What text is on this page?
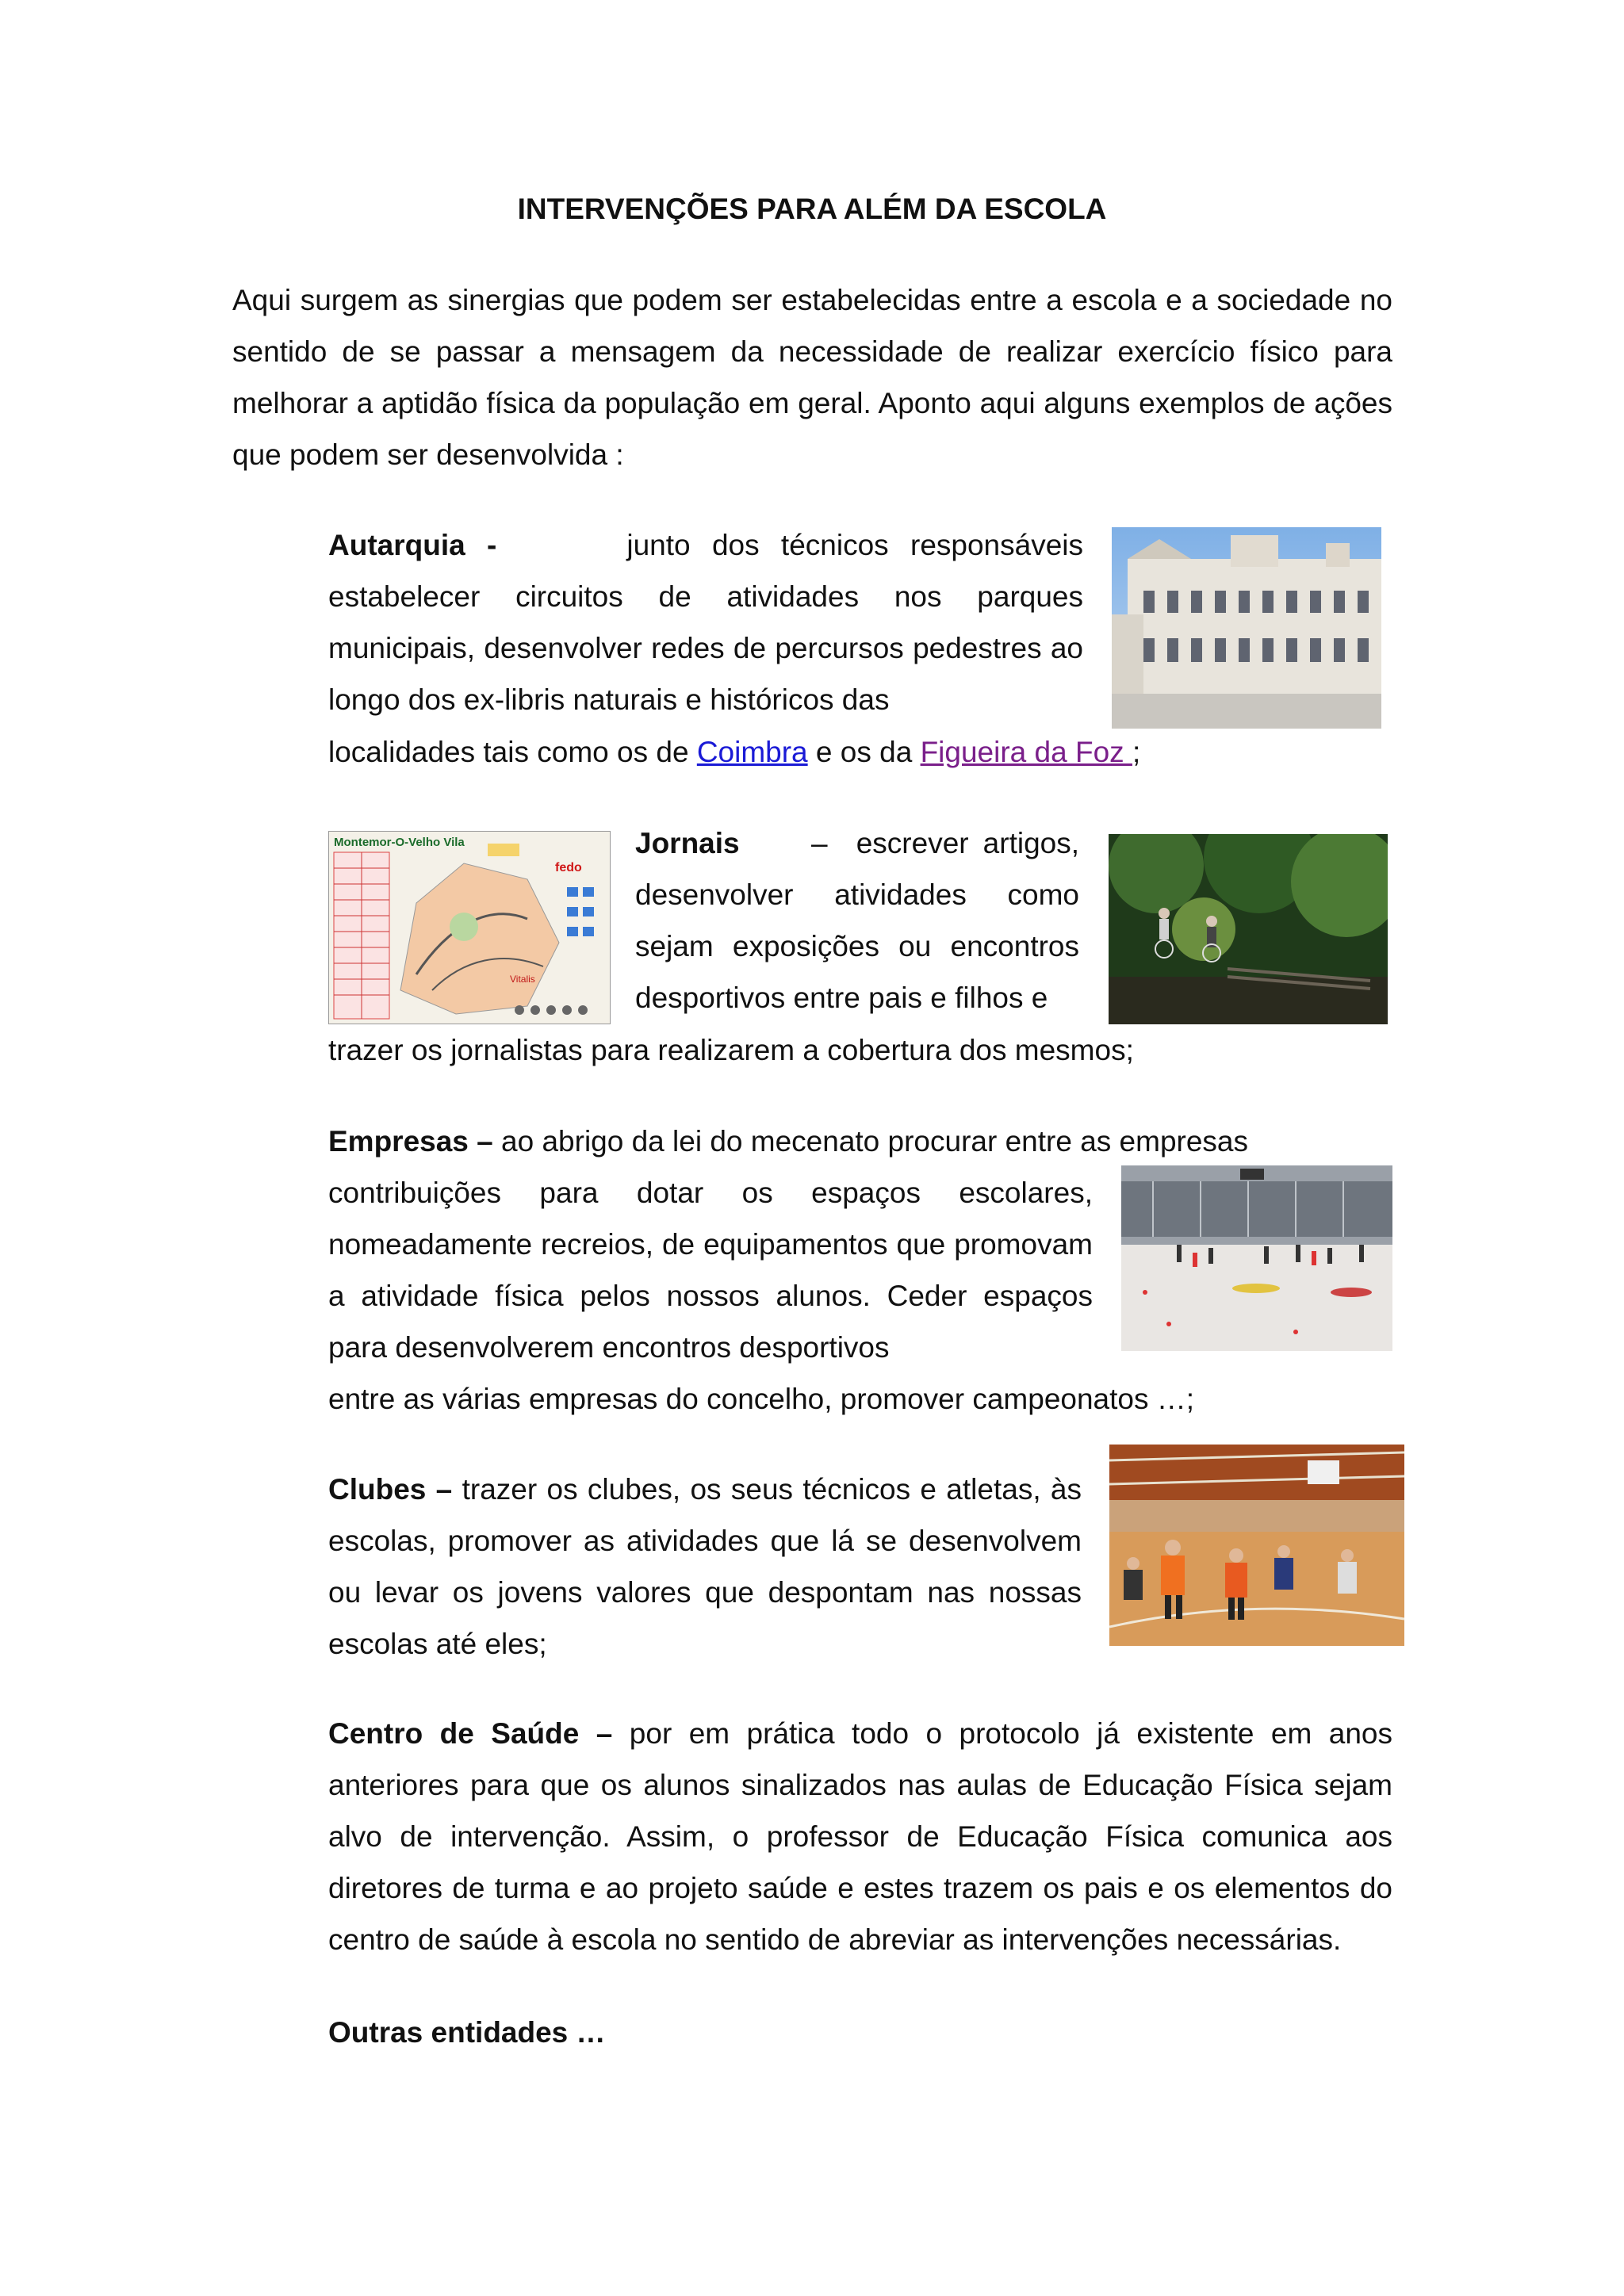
INTERVENÇÕES PARA ALÉM DA ESCOLA

Aqui surgem as sinergias que podem ser estabelecidas entre a escola e a sociedade no sentido de se passar a mensagem da necessidade de realizar exercício físico para melhorar a aptidão física da população em geral. Aponto aqui alguns exemplos de ações que podem ser desenvolvida :

Autarquia -	junto dos técnicos responsáveis estabelecer circuitos de atividades nos parques municipais, desenvolver redes de percursos pedestres ao longo dos ex-libris naturais e históricos das

localidades tais como os de Coimbra e os da Figueira da Foz ;

Montemor-O-Velho Vila
fedo
Vitalis

Jornais – escrever artigos, desenvolver atividades como sejam exposições ou encontros desportivos entre pais e filhos e

trazer os jornalistas para realizarem a cobertura dos mesmos;

Empresas – ao abrigo da lei do mecenato procurar entre as empresas

contribuições para dotar os espaços escolares, nomeadamente recreios, de equipamentos que promovam a atividade física pelos nossos alunos. Ceder espaços para desenvolverem encontros desportivos

entre as várias empresas do concelho, promover campeonatos …;

Clubes – trazer os clubes, os seus técnicos e atletas, às escolas, promover as atividades que lá se desenvolvem ou levar os jovens valores que despontam nas nossas escolas até eles;

Centro de Saúde – por em prática todo o protocolo já existente em anos anteriores para que os alunos sinalizados nas aulas de Educação Física sejam alvo de intervenção. Assim, o professor de Educação Física comunica aos diretores de turma e ao projeto saúde e estes trazem os pais e os elementos do centro de saúde à escola no sentido de abreviar as intervenções necessárias.

Outras entidades …
